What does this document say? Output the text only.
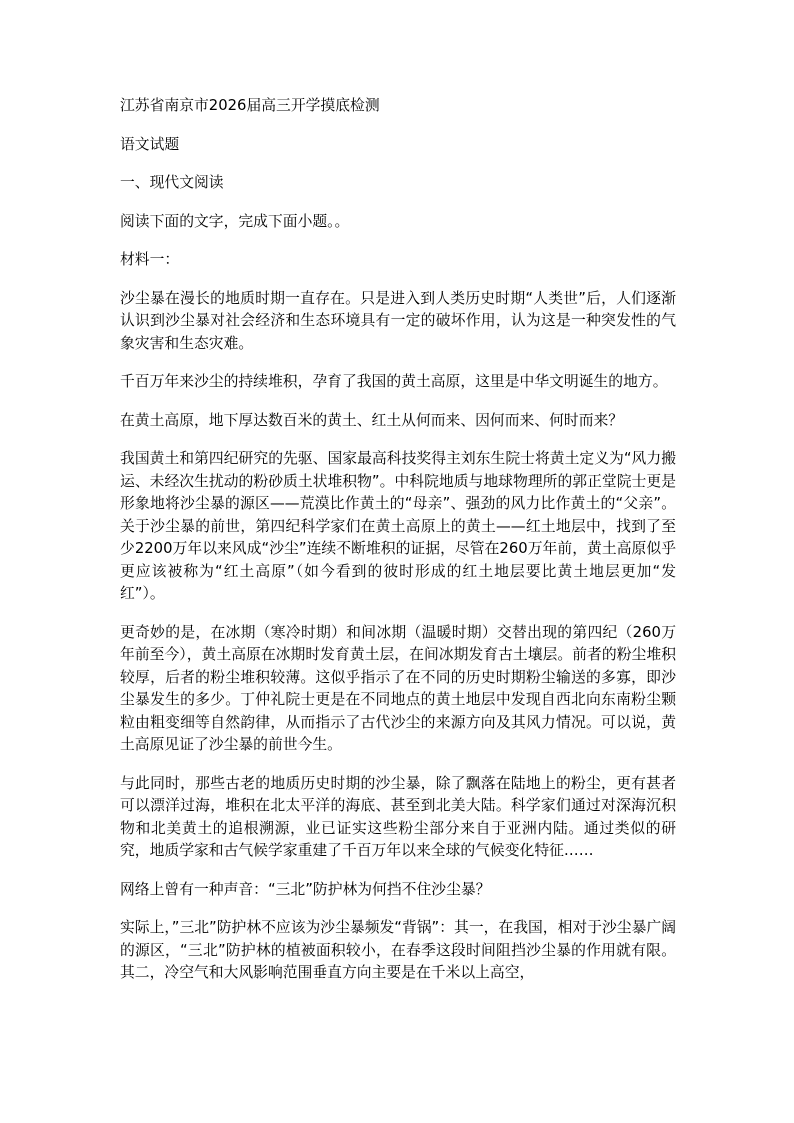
江苏省南京市2026届高三开学摸底检测

语文试题

一、现代文阅读

阅读下面的文字，完成下面小题。。

材料一：

沙尘暴在漫长的地质时期一直存在。只是进入到人类历史时期“人类世”后，人们逐渐认识到沙尘暴对社会经济和生态环境具有一定的破坏作用，认为这是一种突发性的气象灾害和生态灾难。

千百万年来沙尘的持续堆积，孕育了我国的黄土高原，这里是中华文明诞生的地方。

在黄土高原，地下厚达数百米的黄土、红土从何而来、因何而来、何时而来？

我国黄土和第四纪研究的先驱、国家最高科技奖得主刘东生院士将黄土定义为“风力搬运、未经次生扰动的粉砂质土状堆积物”。中科院地质与地球物理所的郭正堂院士更是形象地将沙尘暴的源区——荒漠比作黄土的“母亲”、强劲的风力比作黄土的“父亲”。关于沙尘暴的前世，第四纪科学家们在黄土高原上的黄土——红土地层中，找到了至少2200万年以来风成“沙尘”连续不断堆积的证据，尽管在260万年前，黄土高原似乎更应该被称为“红土高原”（如今看到的彼时形成的红土地层要比黄土地层更加“发红”）。

更奇妙的是，在冰期（寒冷时期）和间冰期（温暖时期）交替出现的第四纪（260万年前至今），黄土高原在冰期时发育黄土层，在间冰期发育古土壤层。前者的粉尘堆积较厚，后者的粉尘堆积较薄。这似乎指示了在不同的历史时期粉尘输送的多寡，即沙尘暴发生的多少。丁仲礼院士更是在不同地点的黄土地层中发现自西北向东南粉尘颗粒由粗变细等自然韵律，从而指示了古代沙尘的来源方向及其风力情况。可以说，黄土高原见证了沙尘暴的前世今生。

与此同时，那些古老的地质历史时期的沙尘暴，除了飘落在陆地上的粉尘，更有甚者可以漂洋过海，堆积在北太平洋的海底、甚至到北美大陆。科学家们通过对深海沉积物和北美黄土的追根溯源，业已证实这些粉尘部分来自于亚洲内陆。通过类似的研究，地质学家和古气候学家重建了千百万年以来全球的气候变化特征……

网络上曾有一种声音：“三北”防护林为何挡不住沙尘暴？

实际上，”三北”防护林不应该为沙尘暴频发“背锅”：其一，在我国，相对于沙尘暴广阔的源区，“三北”防护林的植被面积较小，在春季这段时间阻挡沙尘暴的作用就有限。其二，冷空气和大风影响范围垂直方向主要是在千米以上高空，
